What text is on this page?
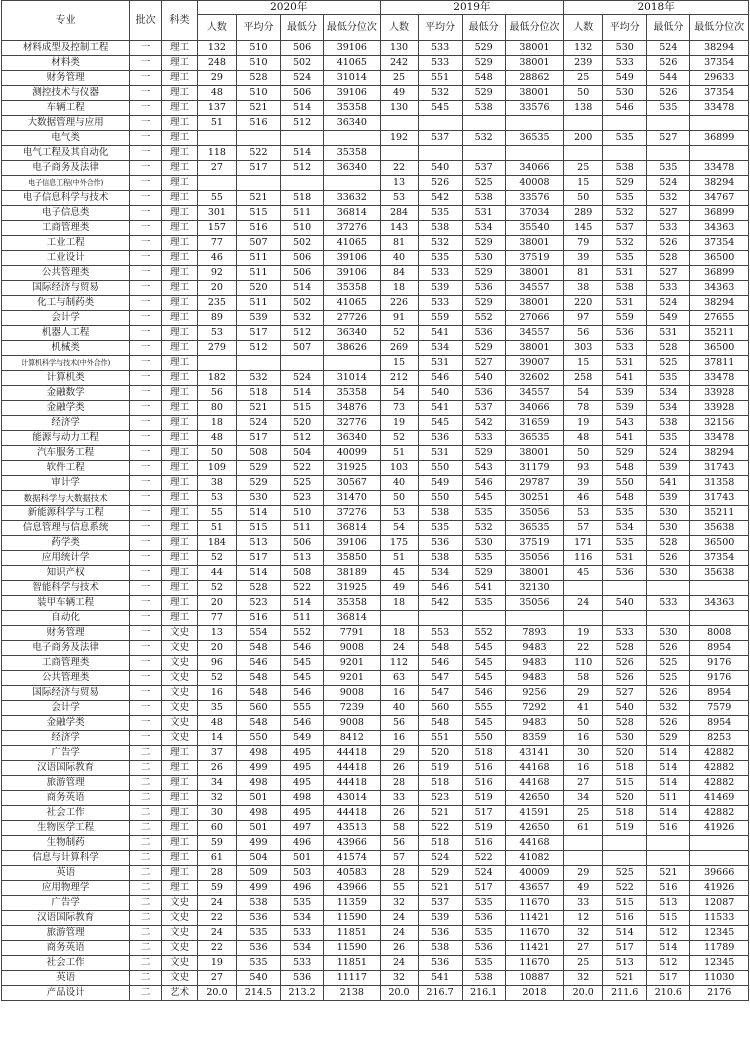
专业	批次	科类	2020年				2019年				2018年			
			人数	平均分	最低分	最低分位次	人数	平均分	最低分	最低分位次	人数	平均分	最低分	最低分位次
材料成型及控制工程	一	理工	132	510	506	39106	130	533	529	38001	132	530	524	38294
材料类	一	理工	248	510	502	41065	242	533	529	38001	239	533	526	37354
财务管理	一	理工	29	528	524	31014	25	551	548	28862	25	549	544	29633
测控技术与仪器	一	理工	48	510	506	39106	49	532	529	38001	50	530	526	37354
车辆工程	一	理工	137	521	514	35358	130	545	538	33576	138	546	535	33478
大数据管理与应用	一	理工	51	516	512	36340								
电气类	一	理工					192	537	532	36535	200	535	527	36899
电气工程及其自动化	一	理工	118	522	514	35358								
电子商务及法律	一	理工	27	517	512	36340	22	540	537	34066	25	538	535	33478
电子信息工程(中外合作)	一	理工					13	526	525	40008	15	529	524	38294
电子信息科学与技术	一	理工	55	521	518	33632	53	542	538	33576	50	535	532	34767
电子信息类	一	理工	301	515	511	36814	284	535	531	37034	289	532	527	36899
工商管理类	一	理工	157	516	510	37276	143	538	534	35540	145	537	533	34363
工业工程	一	理工	77	507	502	41065	81	532	529	38001	79	532	526	37354
工业设计	一	理工	46	511	506	39106	40	535	530	37519	39	535	528	36500
公共管理类	一	理工	92	511	506	39106	84	533	529	38001	81	531	527	36899
国际经济与贸易	一	理工	20	520	514	35358	18	539	536	34557	38	538	533	34363
化工与制药类	一	理工	235	511	502	41065	226	533	529	38001	220	531	524	38294
会计学	一	理工	89	539	532	27726	91	559	552	27066	97	559	549	27655
机器人工程	一	理工	53	517	512	36340	52	541	536	34557	56	536	531	35211
机械类	一	理工	279	512	507	38626	269	534	529	38001	303	533	528	36500
计算机科学与技术(中外合作)	一	理工					15	531	527	39007	15	531	525	37811
计算机类	一	理工	182	532	524	31014	212	546	540	32602	258	541	535	33478
金融数学	一	理工	56	518	514	35358	54	540	536	34557	54	539	534	33928
金融学类	一	理工	80	521	515	34876	73	541	537	34066	78	539	534	33928
经济学	一	理工	18	524	520	32776	19	545	542	31659	19	543	538	32156
能源与动力工程	一	理工	48	517	512	36340	52	536	533	36535	48	541	535	33478
汽车服务工程	一	理工	50	508	504	40099	51	531	529	38001	50	529	524	38294
软件工程	一	理工	109	529	522	31925	103	550	543	31179	93	548	539	31743
审计学	一	理工	38	529	525	30567	40	549	546	29787	39	550	541	31358
数据科学与大数据技术	一	理工	53	530	523	31470	50	550	545	30251	46	548	539	31743
新能源科学与工程	一	理工	55	514	510	37276	53	538	535	35056	53	535	530	35211
信息管理与信息系统	一	理工	51	515	511	36814	54	535	532	36535	57	534	530	35638
药学类	一	理工	184	513	506	39106	175	536	530	37519	171	535	528	36500
应用统计学	一	理工	52	517	513	35850	51	538	535	35056	116	531	526	37354
知识产权	一	理工	44	514	508	38189	45	534	529	38001	45	536	530	35638
智能科学与技术	一	理工	52	528	522	31925	49	546	541	32130				
装甲车辆工程	一	理工	20	523	514	35358	18	542	535	35056	24	540	533	34363
自动化	一	理工	77	516	511	36814								
财务管理	一	文史	13	554	552	7791	18	553	552	7893	19	533	530	8008
电子商务及法律	一	文史	20	548	546	9008	24	548	545	9483	22	528	526	8954
工商管理类	一	文史	96	546	545	9201	112	546	545	9483	110	526	525	9176
公共管理类	一	文史	52	548	545	9201	63	547	545	9483	58	526	525	9176
国际经济与贸易	一	文史	16	548	546	9008	16	547	546	9256	29	527	526	8954
会计学	一	文史	35	560	555	7239	40	560	555	7292	41	540	532	7579
金融学类	一	文史	48	548	546	9008	56	548	545	9483	50	528	526	8954
经济学	一	文史	14	550	549	8412	16	551	550	8359	16	530	529	8253
广告学	二	理工	37	498	495	44418	29	520	518	43141	30	520	514	42882
汉语国际教育	二	理工	26	499	495	44418	26	519	516	44168	16	518	514	42882
旅游管理	二	理工	34	498	495	44418	28	518	516	44168	27	515	514	42882
商务英语	二	理工	32	501	498	43014	33	523	519	42650	34	520	511	41469
社会工作	二	理工	30	498	495	44418	26	521	517	41591	25	518	514	42882
生物医学工程	二	理工	60	501	497	43513	58	522	519	42650	61	519	516	41926
生物制药	二	理工	59	499	496	43966	56	518	516	44168				
信息与计算科学	二	理工	61	504	501	41574	57	524	522	41082				
英语	二	理工	28	509	503	40583	28	529	524	40009	29	525	521	39666
应用物理学	二	理工	59	499	496	43966	55	521	517	43657	49	522	516	41926
广告学	二	文史	24	538	535	11359	32	537	535	11670	33	515	513	12087
汉语国际教育	二	文史	22	536	534	11590	24	539	536	11421	12	516	515	11533
旅游管理	二	文史	24	535	533	11851	24	536	535	11670	32	514	512	12345
商务英语	二	文史	22	536	534	11590	26	538	536	11421	27	517	514	11789
社会工作	二	文史	19	535	533	11851	24	536	535	11670	25	513	512	12345
英语	二	文史	27	540	536	11117	32	541	538	10887	32	521	517	11030
产品设计	二	艺术	20.0	214.5	213.2	2138	20.0	216.7	216.1	2018	20.0	211.6	210.6	2176
